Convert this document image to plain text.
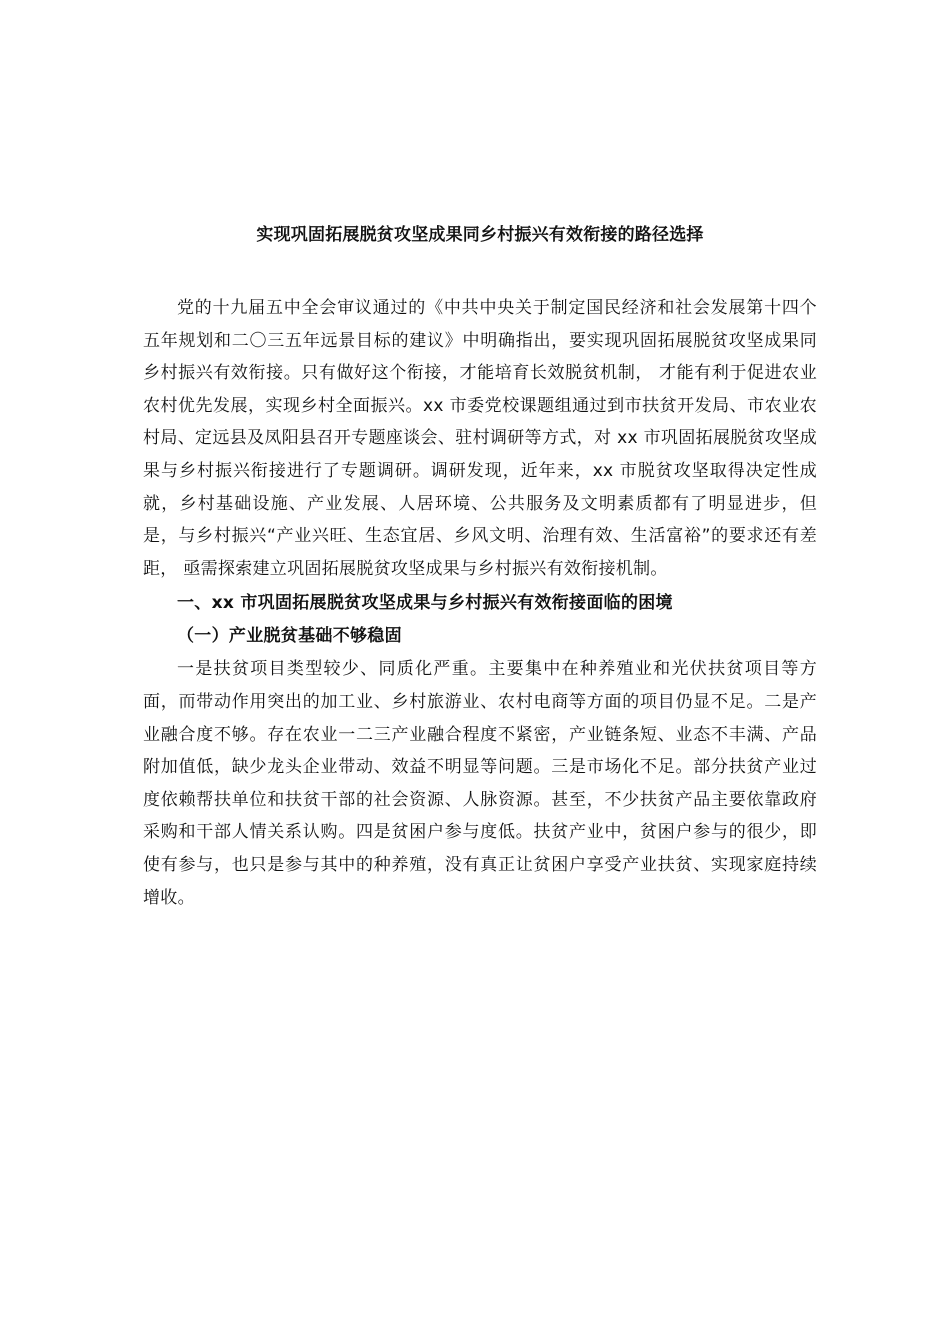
实现巩固拓展脱贫攻坚成果同乡村振兴有效衔接的路径选择

党的十九届五中全会审议通过的《中共中央关于制定国民经济和社会发展第十四个五年规划和二〇三五年远景目标的建议》中明确指出，要实现巩固拓展脱贫攻坚成果同乡村振兴有效衔接。只有做好这个衔接，才能培育长效脱贫机制， 才能有利于促进农业农村优先发展，实现乡村全面振兴。xx 市委党校课题组通过到市扶贫开发局、市农业农村局、定远县及凤阳县召开专题座谈会、驻村调研等方式，对 xx 市巩固拓展脱贫攻坚成果与乡村振兴衔接进行了专题调研。调研发现，近年来，xx 市脱贫攻坚取得决定性成就，乡村基础设施、产业发展、人居环境、公共服务及文明素质都有了明显进步，但是，与乡村振兴“产业兴旺、生态宜居、乡风文明、治理有效、生活富裕”的要求还有差距， 亟需探索建立巩固拓展脱贫攻坚成果与乡村振兴有效衔接机制。

一、xx 市巩固拓展脱贫攻坚成果与乡村振兴有效衔接面临的困境
（一）产业脱贫基础不够稳固

一是扶贫项目类型较少、同质化严重。主要集中在种养殖业和光伏扶贫项目等方面，而带动作用突出的加工业、乡村旅游业、农村电商等方面的项目仍显不足。二是产业融合度不够。存在农业一二三产业融合程度不紧密，产业链条短、业态不丰满、产品附加值低，缺少龙头企业带动、效益不明显等问题。三是市场化不足。部分扶贫产业过度依赖帮扶单位和扶贫干部的社会资源、人脉资源。甚至，不少扶贫产品主要依靠政府采购和干部人情关系认购。四是贫困户参与度低。扶贫产业中，贫困户参与的很少，即使有参与，也只是参与其中的种养殖，没有真正让贫困户享受产业扶贫、实现家庭持续增收。
